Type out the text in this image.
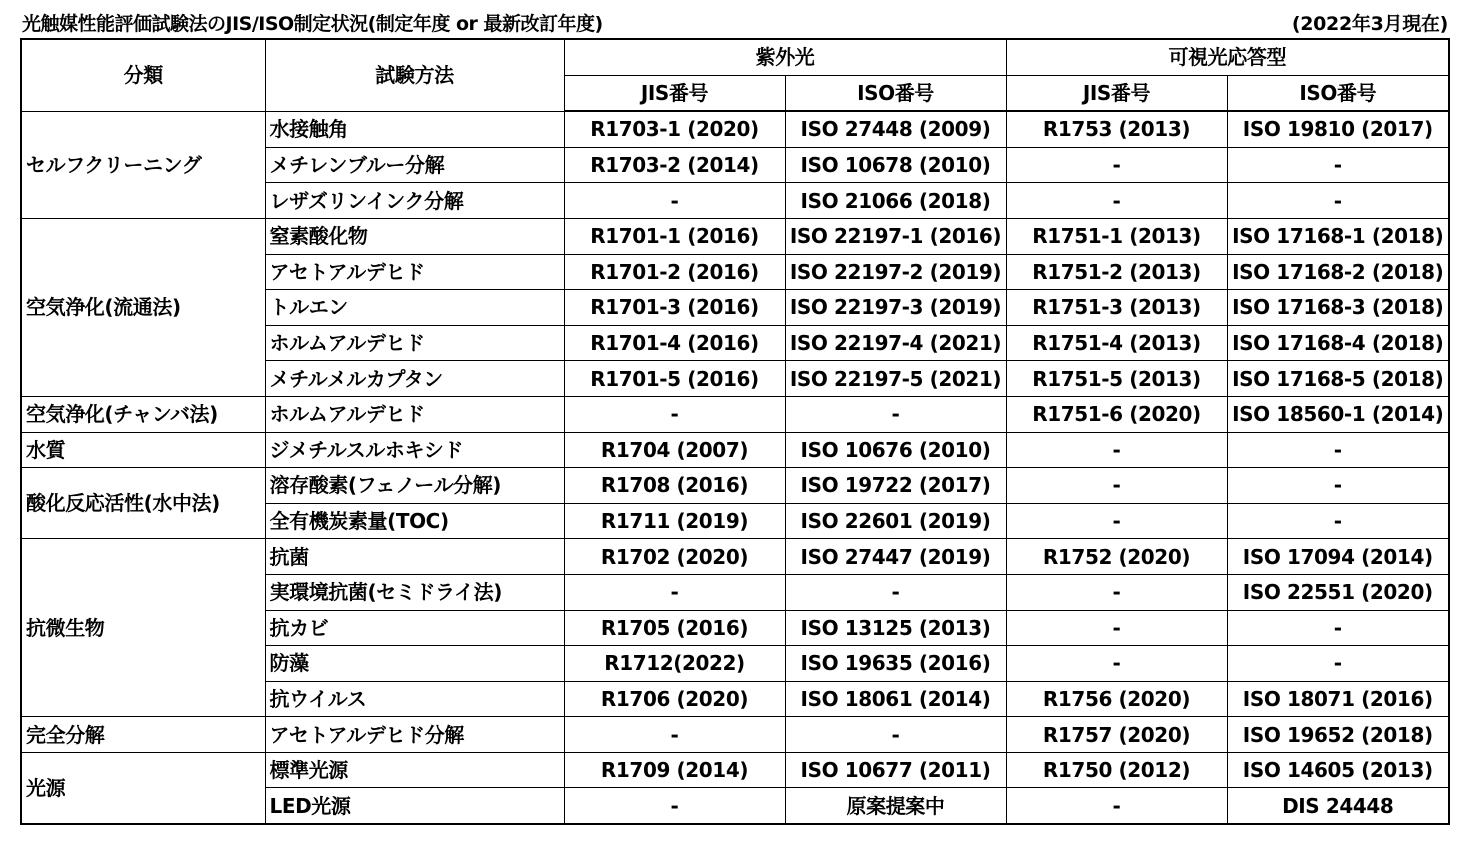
光触媒性能評価試験法のJIS/ISO制定状況(制定年度 or 最新改訂年度)	(2022年3月現在)
分類	試験方法	紫外光		可視光応答型	
		JIS番号	ISO番号	JIS番号	ISO番号
セルフクリーニング	水接触角	R1703-1 (2020)	ISO 27448 (2009)	R1753 (2013)	ISO 19810 (2017)
	メチレンブルー分解	R1703-2 (2014)	ISO 10678 (2010)	-	-
	レザズリンインク分解	-	ISO 21066 (2018)	-	-
空気浄化(流通法)	窒素酸化物	R1701-1 (2016)	ISO 22197-1 (2016)	R1751-1 (2013)	ISO 17168-1 (2018)
	アセトアルデヒド	R1701-2 (2016)	ISO 22197-2 (2019)	R1751-2 (2013)	ISO 17168-2 (2018)
	トルエン	R1701-3 (2016)	ISO 22197-3 (2019)	R1751-3 (2013)	ISO 17168-3 (2018)
	ホルムアルデヒド	R1701-4 (2016)	ISO 22197-4 (2021)	R1751-4 (2013)	ISO 17168-4 (2018)
	メチルメルカプタン	R1701-5 (2016)	ISO 22197-5 (2021)	R1751-5 (2013)	ISO 17168-5 (2018)
空気浄化(チャンバ法)	ホルムアルデヒド	-	-	R1751-6 (2020)	ISO 18560-1 (2014)
水質	ジメチルスルホキシド	R1704 (2007)	ISO 10676 (2010)	-	-
酸化反応活性(水中法)	溶存酸素(フェノール分解)	R1708 (2016)	ISO 19722 (2017)	-	-
	全有機炭素量(TOC)	R1711 (2019)	ISO 22601 (2019)	-	-
抗微生物	抗菌	R1702 (2020)	ISO 27447 (2019)	R1752 (2020)	ISO 17094 (2014)
	実環境抗菌(セミドライ法)	-	-	-	ISO 22551 (2020)
	抗カビ	R1705 (2016)	ISO 13125 (2013)	-	-
	防藻	R1712(2022)	ISO 19635 (2016)	-	-
	抗ウイルス	R1706 (2020)	ISO 18061 (2014)	R1756 (2020)	ISO 18071 (2016)
完全分解	アセトアルデヒド分解	-	-	R1757 (2020)	ISO 19652 (2018)
光源	標準光源	R1709 (2014)	ISO 10677 (2011)	R1750 (2012)	ISO 14605 (2013)
	LED光源	-	原案提案中	-	DIS 24448
